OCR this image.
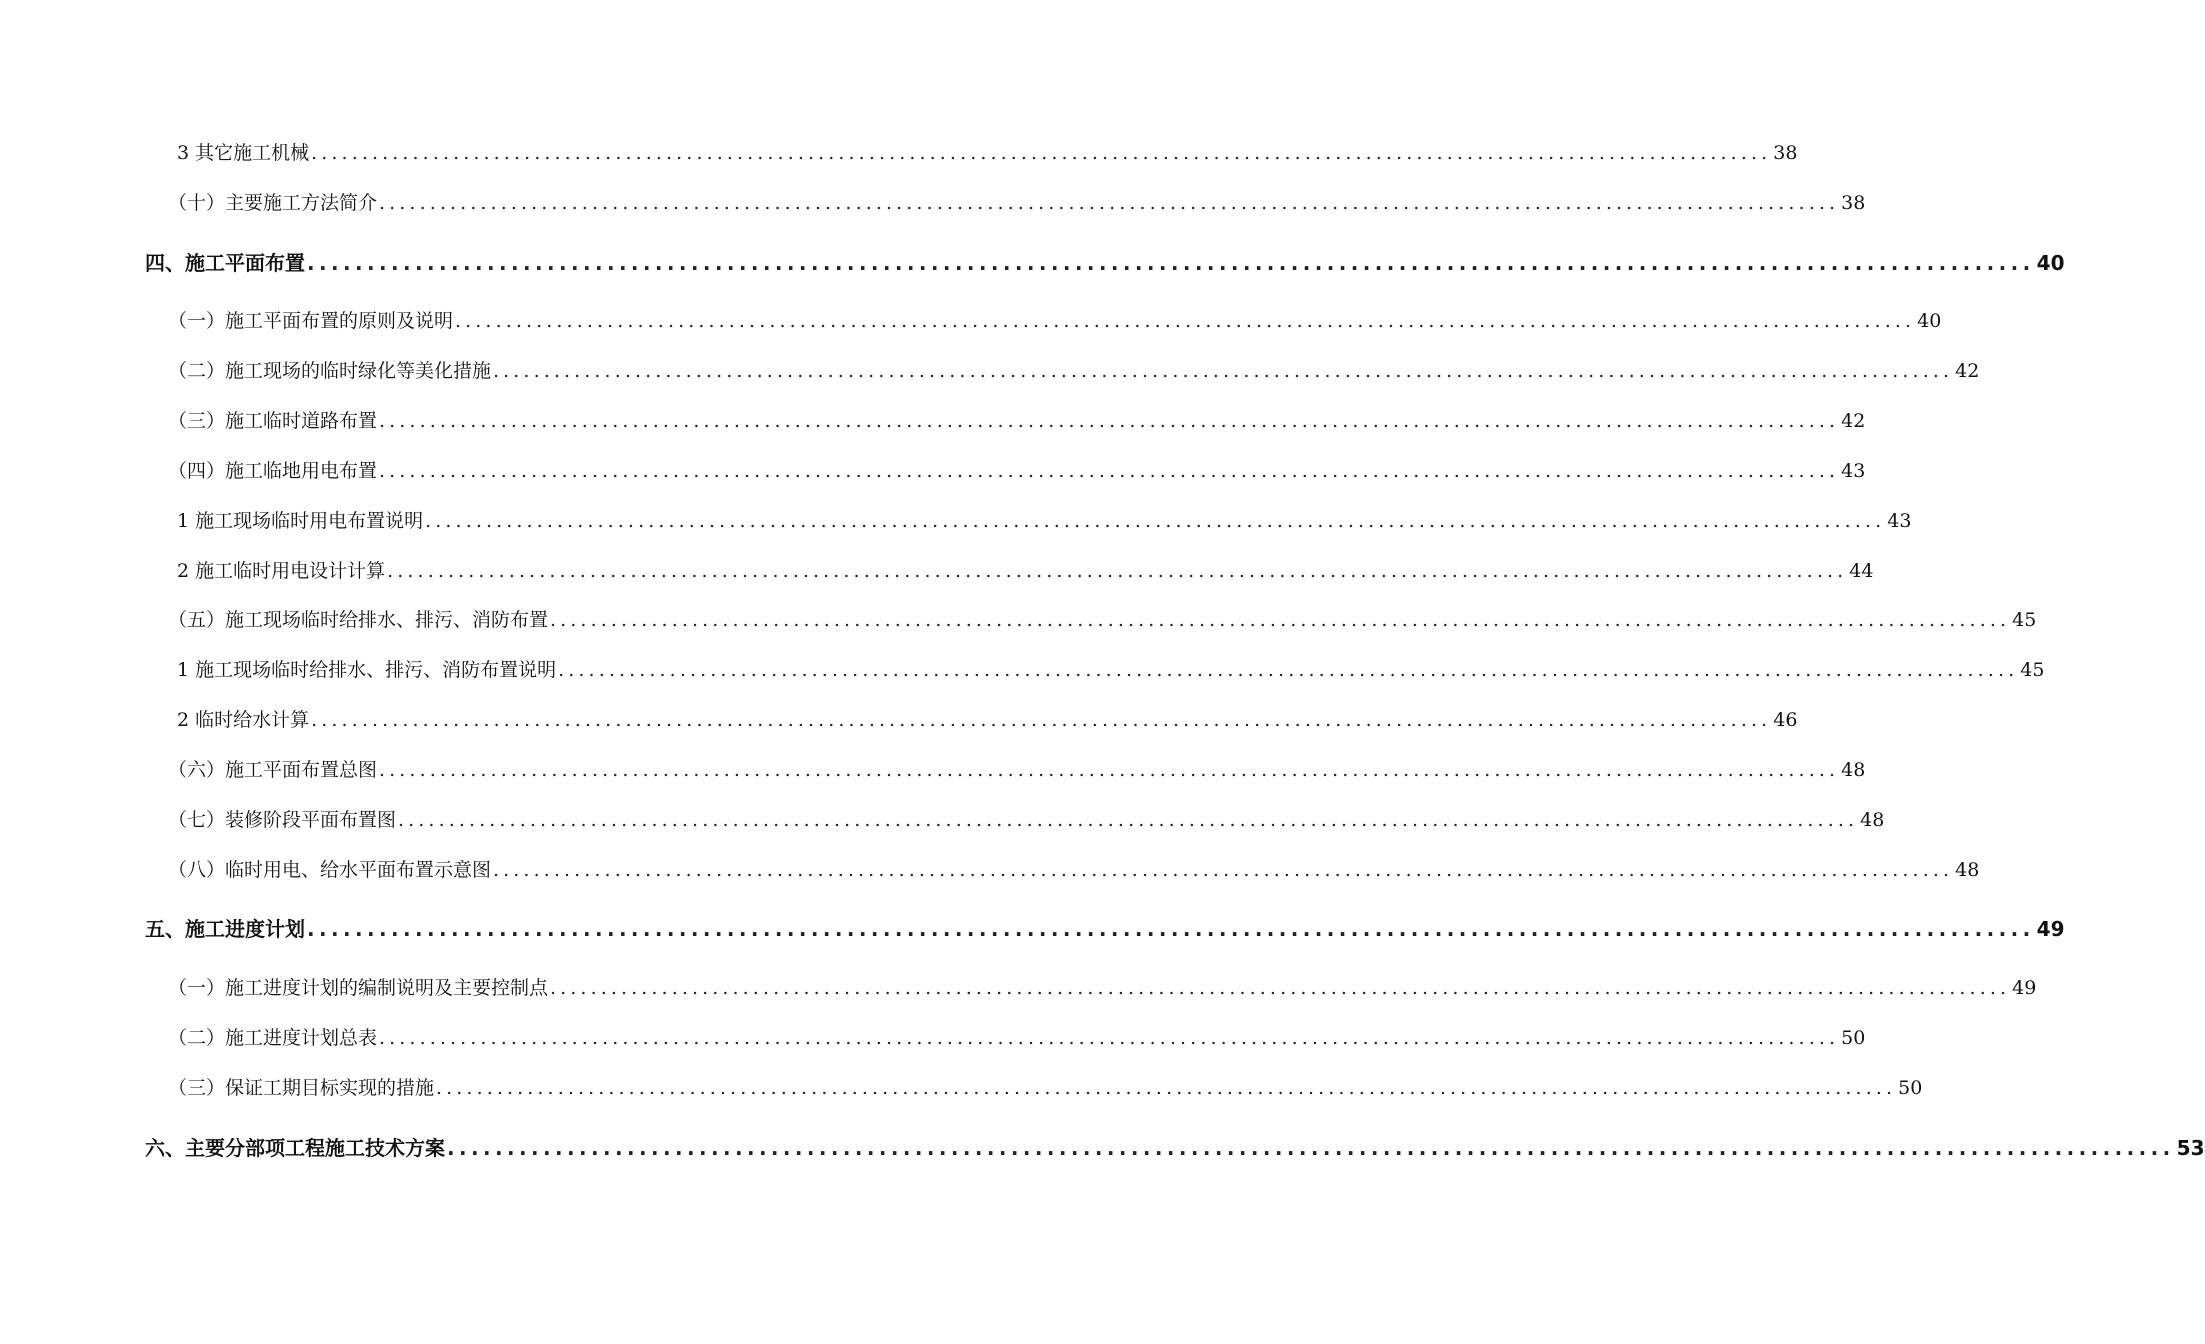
3 其它施工机械 ................................................................................................................................................ 38
（十）主要施工方法简介 ................................................................................................................................................ 38
四、施工平面布置 ................................................................................................................................................ 40
（一）施工平面布置的原则及说明 ................................................................................................................................................ 40
（二）施工现场的临时绿化等美化措施 ................................................................................................................................................ 42
（三）施工临时道路布置 ................................................................................................................................................ 42
（四）施工临地用电布置 ................................................................................................................................................ 43
1 施工现场临时用电布置说明 ................................................................................................................................................ 43
2 施工临时用电设计计算 ................................................................................................................................................ 44
（五）施工现场临时给排水、排污、消防布置 ................................................................................................................................................ 45
1 施工现场临时给排水、排污、消防布置说明 ................................................................................................................................................ 45
2 临时给水计算 ................................................................................................................................................ 46
（六）施工平面布置总图 ................................................................................................................................................ 48
（七）装修阶段平面布置图 ................................................................................................................................................ 48
（八）临时用电、给水平面布置示意图 ................................................................................................................................................ 48
五、施工进度计划 ................................................................................................................................................ 49
（一）施工进度计划的编制说明及主要控制点 ................................................................................................................................................ 49
（二）施工进度计划总表 ................................................................................................................................................ 50
（三）保证工期目标实现的措施 ................................................................................................................................................ 50
六、主要分部项工程施工技术方案 ................................................................................................................................................ 53
